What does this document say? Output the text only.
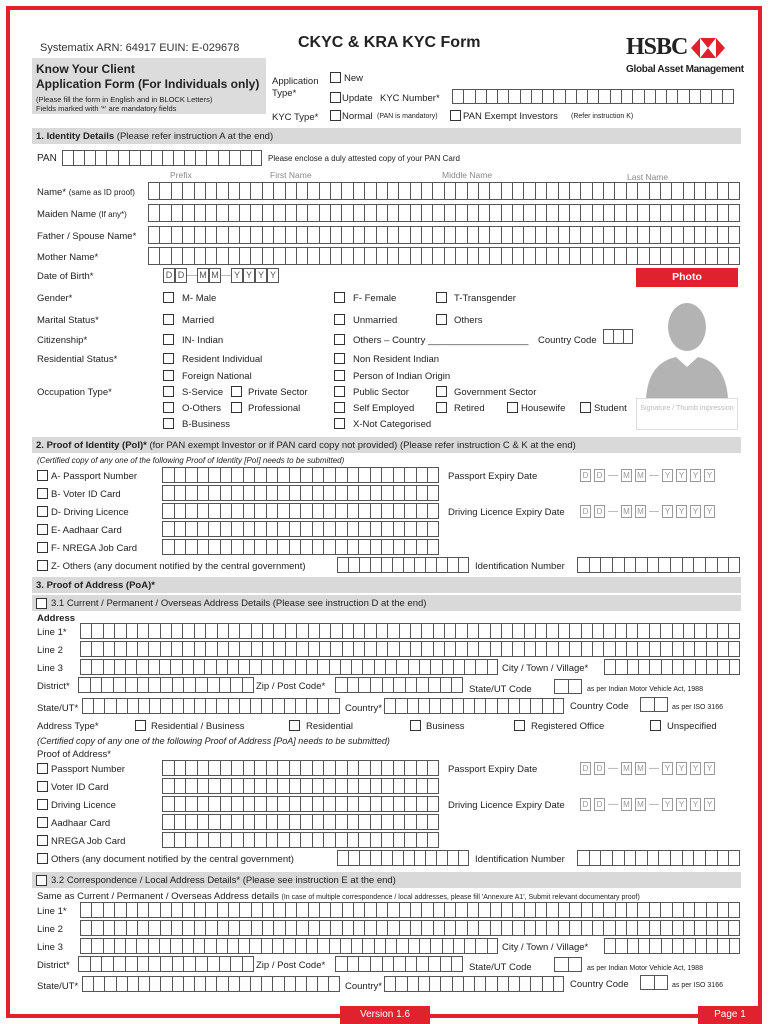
Systematix ARN: 64917 EUIN: E-029678	CKYC & KRA KYC Form	HSBC
Global Asset Management
Know Your Client
Application Form (For Individuals only)
(Please fill the form in English and in BLOCK Letters)
Fields marked with '*' are mandatory fields
Application Type*
New
Update KYC Number*
KYC Type* Normal (PAN is mandatory)	PAN Exempt Investors (Refer instruction K)
1.
Identity Details
(Please refer instruction A at the end)
PAN	Please enclose a duly attested copy of your PAN Card
Prefix	First Name	Middle Name	Last Name
Name* (same as ID proof)
Maiden Name (If any*)
Father / Spouse Name*
Mother Name*
Date of Birth*	D D — M M — Y Y Y Y	Photo
Signature / Thumb impression
Gender*	M- Male	F- Female	T-Transgender
Marital Status*	Married	Unmarried	Others
Citizenship*	IN- Indian	Others – Country ___________________ Country Code
Residential Status*	Resident Individual	Non Resident Indian
Foreign National	Person of Indian Origin
Occupation Type*	S-Service	Private Sector	Public Sector	Government Sector
O-Others	Professional	Self Employed	Retired	Housewife	Student
B-Business	X-Not Categorised
2.
Proof of Identity (PoI)*
(for PAN exempt Investor or if PAN card copy not provided) (Please refer instruction C & K at the end)
(Certified copy of any one of the following Proof of Identity [PoI] needs to be submitted)
A- Passport Number	Passport Expiry Date	D	D — M M — Y	Y	Y	Y
B- Voter ID Card
D- Driving Licence	Driving Licence Expiry Date	D	D — M M — Y	Y	Y	Y
E- Aadhaar Card
F- NREGA Job Card
Z- Others (any document notified by the central government)	Identification Number
3.
Proof of Address (PoA)*
3.1 Current / Permanent / Overseas Address Details (Please see instruction D at the end)
Address
Line 1*
Line 2
Line 3	City / Town / Village*
District*	Zip / Post Code*	State/UT Code	as per Indian Motor Vehicle Act, 1988
State/UT*	Country*	Country Code	as per ISO 3166
Address Type*	Residential / Business	Residential	Business	Registered Office	Unspecified
(Certified copy of any one of the following Proof of Address [PoA] needs to be submitted)
Proof of Address*
Passport Number	Passport Expiry Date	D	D — M M — Y	Y	Y	Y
Voter ID Card
Driving Licence	Driving Licence Expiry Date	D	D — M M — Y	Y	Y	Y
Aadhaar Card
NREGA Job Card
Others (any document notified by the central government)	Identification Number
3.2 Correspondence / Local Address Details* (Please see instruction E at the end)
Same as Current / Permanent / Overseas Address details (In case of multiple correspondence / local addresses, please fill 'Annexure A1', Submit relevant documentary proof)
Line 1*
Line 2
Line 3	City / Town / Village*
District*	Zip / Post Code*	State/UT Code	as per Indian Motor Vehicle Act, 1988
State/UT*	Country*	Country Code	as per ISO 3166
Version 1.6	Page 1
